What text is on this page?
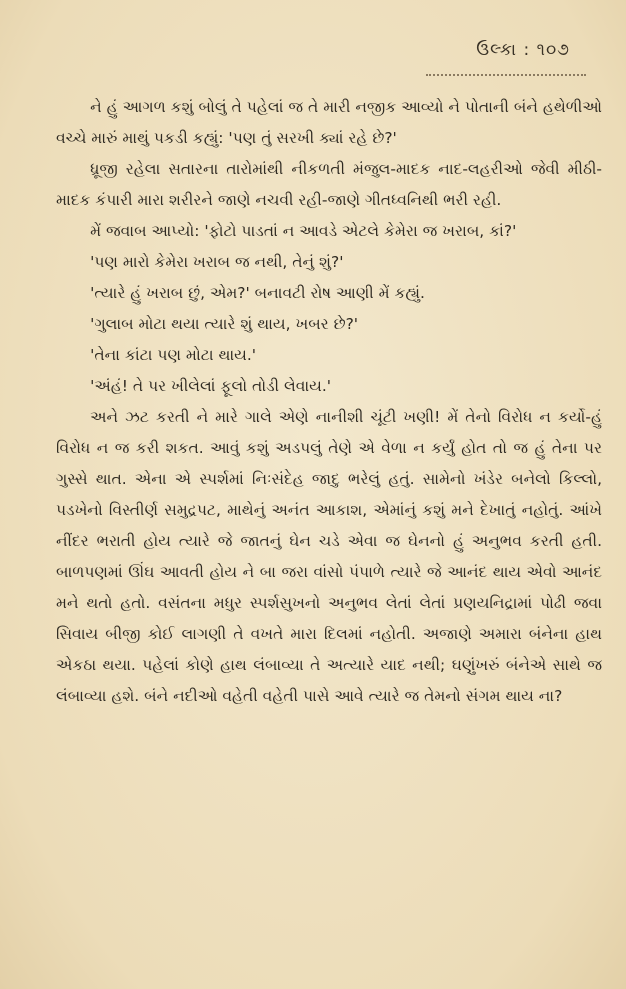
ઉલ્કા : ૧૦૭

ને હું આગળ કશું બોલું તે પહેલાં જ તે મારી નજીક આવ્યો ને પોતાની બંને હથેળીઓ વચ્ચે મારું માથું પકડી કહ્યું: 'પણ તું સરખી ક્યાં રહે છે?'

ધ્રૂજી રહેલા સતારના તારોમાંથી નીકળતી મંજુલ-માદક નાદ-લહરીઓ જેવી મીઠી-માદક કંપારી મારા શરીરને જાણે નચવી રહી-જાણે ગીતધ્વનિથી ભરી રહી.

મેં જવાબ આપ્યો: 'ફોટો પાડતાં ન આવડે એટલે કેમેરા જ ખરાબ, કાં?'

'પણ મારો કેમેરા ખરાબ જ નથી, તેનું શું?'

'ત્યારે હું ખરાબ છું, એમ?' બનાવટી રોષ આણી મેં કહ્યું.

'ગુલાબ મોટા થયા ત્યારે શું થાય, ખબર છે?'

'તેના કાંટા પણ મોટા થાય.'

'અંહં! તે પર ખીલેલાં ફૂલો તોડી લેવાય.'

અને ઝટ કરતી ને મારે ગાલે એણે નાનીશી ચૂંટી ખણી! મેં તેનો વિરોધ ન કર્યો-હું વિરોધ ન જ કરી શકત. આવું કશું અડપલું તેણે એ વેળા ન કર્યું હોત તો જ હું તેના પર ગુસ્સે થાત. એના એ સ્પર્શમાં નિઃસંદેહ જાદુ ભરેલું હતું. સામેનો ખંડેર બનેલો કિલ્લો, પડખેનો વિસ્તીર્ણ સમુદ્રપટ, માથેનું અનંત આકાશ, એમાંનું કશું મને દેખાતું નહોતું. આંખે નીંદર ભરાતી હોય ત્યારે જે જાતનું ઘેન ચડે એવા જ ઘેનનો હું અનુભવ કરતી હતી. બાળપણમાં ઊંઘ આવતી હોય ને બા જરા વાંસો પંપાળે ત્યારે જે આનંદ થાય એવો આનંદ મને થતો હતો. વસંતના મધુર સ્પર્શસુખનો અનુભવ લેતાં લેતાં પ્રણયનિદ્રામાં પોઢી જવા સિવાય બીજી કોઈ લાગણી તે વખતે મારા દિલમાં નહોતી. અજાણે અમારા બંનેના હાથ એકઠા થયા. પહેલાં કોણે હાથ લંબાવ્યા તે અત્યારે યાદ નથી; ઘણુંખરું બંનેએ સાથે જ લંબાવ્યા હશે. બંને નદીઓ વહેતી વહેતી પાસે આવે ત્યારે જ તેમનો સંગમ થાય ના?
